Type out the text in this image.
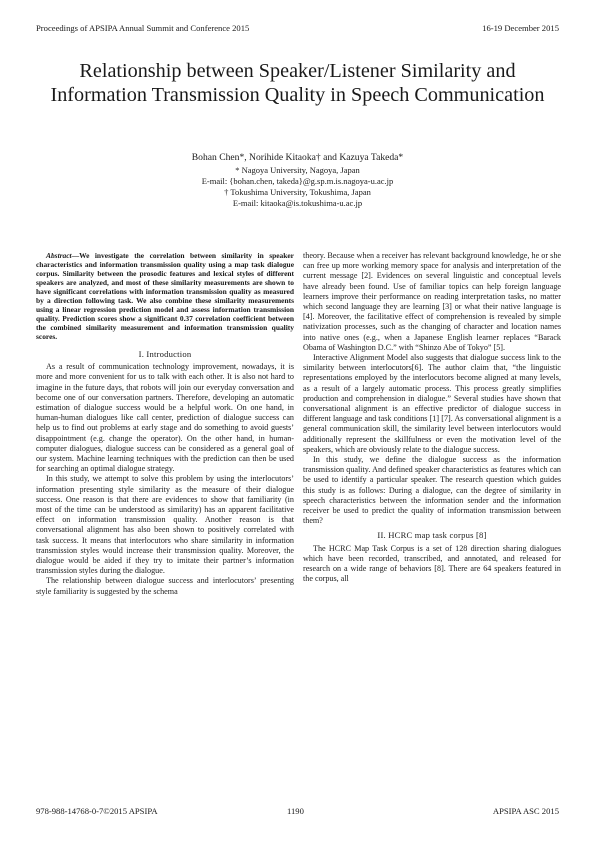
Proceedings of APSIPA Annual Summit and Conference 2015	16-19 December 2015
Relationship between Speaker/Listener Similarity and Information Transmission Quality in Speech Communication
Bohan Chen*, Norihide Kitaoka† and Kazuya Takeda*
* Nagoya University, Nagoya, Japan
E-mail: {bohan.chen, takeda}@g.sp.m.is.nagoya-u.ac.jp
† Tokushima University, Tokushima, Japan
E-mail: kitaoka@is.tokushima-u.ac.jp

Abstract—We investigate the correlation between similarity in speaker characteristics and information transmission quality using a map task dialogue corpus. Similarity between the prosodic features and lexical styles of different speakers are analyzed, and most of these similarity measurements are shown to have significant correlations with information transmission quality as measured by a direction following task. We also combine these similarity measurements using a linear regression prediction model and assess information transmission quality. Prediction scores show a significant 0.37 correlation coefficient between the combined similarity measurement and information transmission quality scores.

I. Introduction

As a result of communication technology improvement, nowadays, it is more and more convenient for us to talk with each other. It is also not hard to imagine in the future days, that robots will join our everyday conversation and become one of our conversation partners. Therefore, developing an automatic estimation of dialogue success would be a helpful work. On one hand, in human-human dialogues like call center, prediction of dialogue success can help us to find out problems at early stage and do something to avoid guests’ disappointment (e.g. change the operator). On the other hand, in human-computer dialogues, dialogue success can be considered as a general goal of our system. Machine learning techniques with the prediction can then be used for searching an optimal dialogue strategy.

In this study, we attempt to solve this problem by using the interlocutors’ information presenting style similarity as the measure of their dialogue success. One reason is that there are evidences to show that familiarity (in most of the time can be understood as similarity) has an apparent facilitative effect on information transmission quality. Another reason is that conversational alignment has also been shown to positively correlated with task success. It means that interlocutors who share similarity in information transmission styles would increase their transmission quality. Moreover, the dialogue would be aided if they try to imitate their partner’s information transmission styles during the dialogue.

The relationship between dialogue success and interlocutors’ presenting style familiarity is suggested by the schema

theory. Because when a receiver has relevant background knowledge, he or she can free up more working memory space for analysis and interpretation of the current message [2]. Evidences on several linguistic and conceptual levels have already been found. Use of familiar topics can help foreign language learners improve their performance on reading interpretation tasks, no matter which second language they are learning [3] or what their native language is [4]. Moreover, the facilitative effect of comprehension is revealed by simple nativization processes, such as the changing of character and location names into native ones (e.g., when a Japanese English learner replaces “Barack Obama of Washington D.C.” with “Shinzo Abe of Tokyo” [5].

Interactive Alignment Model also suggests that dialogue success link to the similarity between interlocutors[6]. The author claim that, “the linguistic representations employed by the interlocutors become aligned at many levels, as a result of a largely automatic process. This process greatly simplifies production and comprehension in dialogue.” Several studies have shown that conversational alignment is an effective predictor of dialogue success in different language and task conditions [1] [7]. As conversational alignment is a general communication skill, the similarity level between interlocutors would additionally represent the skillfulness or even the motivation level of the speakers, which are obviously relate to the dialogue success.

In this study, we define the dialogue success as the information transmission quality. And defined speaker characteristics as features which can be used to identify a particular speaker. The research question which guides this study is as follows: During a dialogue, can the degree of similarity in speech characteristics between the information sender and the information receiver be used to predict the quality of information transmission between them?

II. HCRC map task corpus [8]

The HCRC Map Task Corpus is a set of 128 direction sharing dialogues which have been recorded, transcribed, and annotated, and released for research on a wide range of behaviors [8]. There are 64 speakers featured in the corpus, all

978-988-14768-0-7©2015 APSIPA	1190	APSIPA ASC 2015
